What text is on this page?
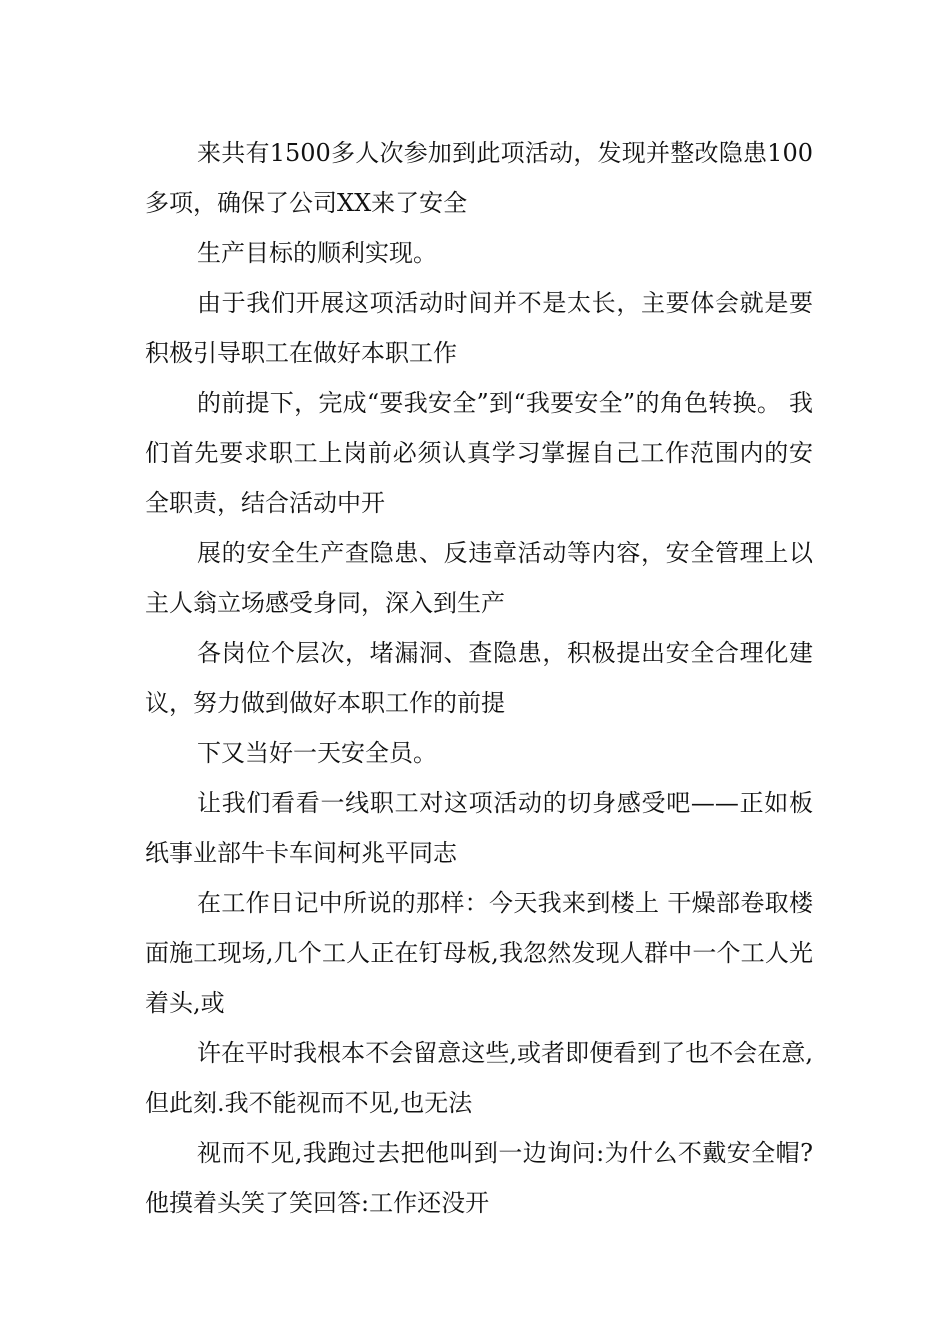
来共有1500多人次参加到此项活动，发现并整改隐患100多项，确保了公司XX来了安全

生产目标的顺利实现。

由于我们开展这项活动时间并不是太长，主要体会就是要积极引导职工在做好本职工作

的前提下，完成“要我安全”到“我要安全”的角色转换。 我们首先要求职工上岗前必须认真学习掌握自己工作范围内的安全职责，结合活动中开

展的安全生产查隐患、反违章活动等内容，安全管理上以主人翁立场感受身同，深入到生产

各岗位个层次，堵漏洞、查隐患，积极提出安全合理化建议，努力做到做好本职工作的前提

下又当好一天安全员。

让我们看看一线职工对这项活动的切身感受吧——正如板纸事业部牛卡车间柯兆平同志

在工作日记中所说的那样：今天我来到楼上 干燥部卷取楼面施工现场,几个工人正在钉母板,我忽然发现人群中一个工人光着头,或

许在平时我根本不会留意这些,或者即便看到了也不会在意,但此刻.我不能视而不见,也无法

视而不见,我跑过去把他叫到一边询问:为什么不戴安全帽?他摸着头笑了笑回答:工作还没开
